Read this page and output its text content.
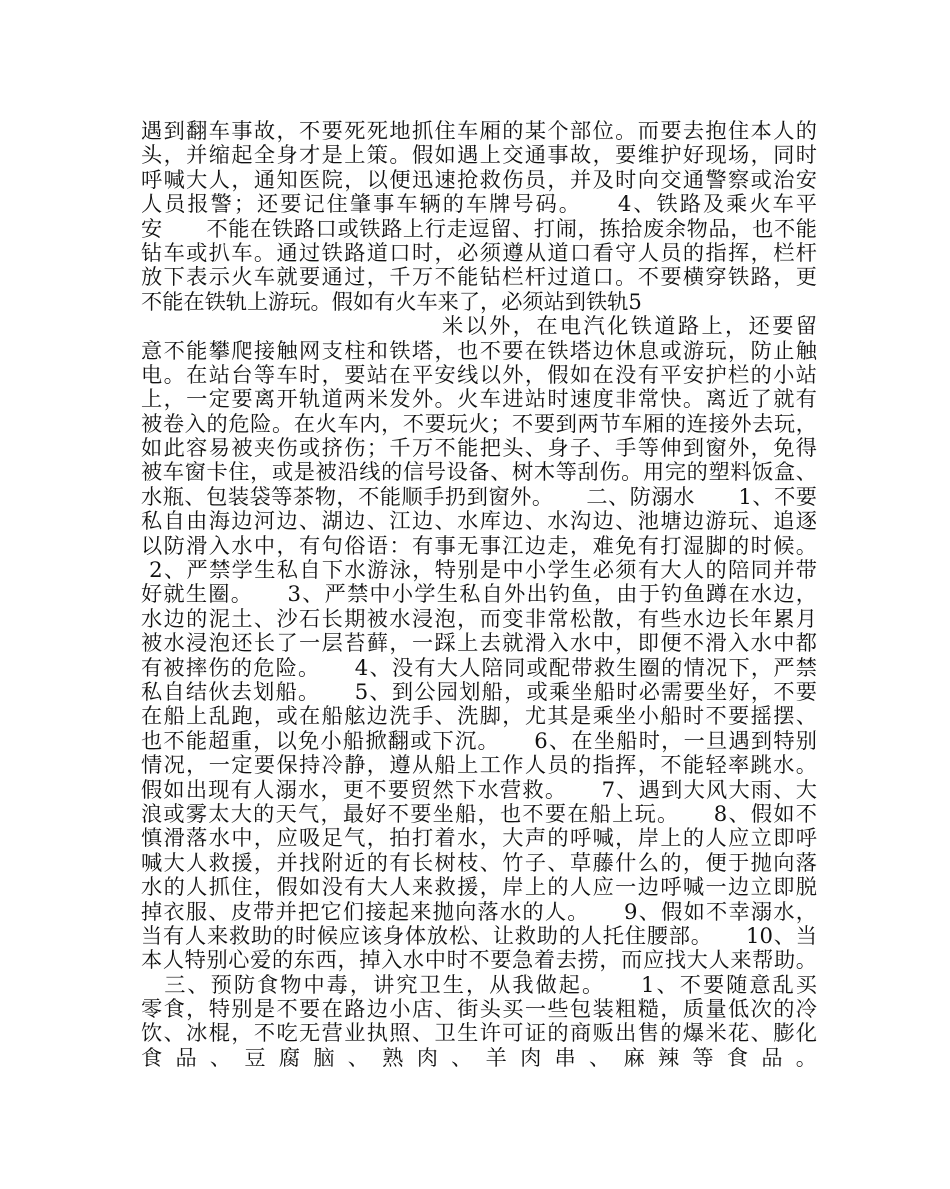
遇到翻车事故，不要死死地抓住车厢的某个部位。而要去抱住本人的
头，并缩起全身才是上策。假如遇上交通事故，要维护好现场，同时
呼喊大人，通知医院，以便迅速抢救伤员，并及时向交通警察或治安
人员报警；还要记住肇事车辆的车牌号码。　　4、铁路及乘火车平
安　　不能在铁路口或铁路上行走逗留、打闹，拣拾废余物品，也不能
钻车或扒车。通过铁路道口时，必须遵从道口看守人员的指挥，栏杆
放下表示火车就要通过，千万不能钻栏杆过道口。不要横穿铁路，更
不能在铁轨上游玩。假如有火车来了，必须站到铁轨5
米以外，在电汽化铁道路上，还要留
意不能攀爬接触网支柱和铁塔，也不要在铁塔边休息或游玩，防止触
电。在站台等车时，要站在平安线以外，假如在没有平安护栏的小站
上，一定要离开轨道两米发外。火车进站时速度非常快。离近了就有
被卷入的危险。在火车内，不要玩火；不要到两节车厢的连接外去玩，
如此容易被夹伤或挤伤；千万不能把头、身子、手等伸到窗外，免得
被车窗卡住，或是被沿线的信号设备、树木等刮伤。用完的塑料饭盒、
水瓶、包装袋等茶物，不能顺手扔到窗外。　　二、防溺水　　1、不要
私自由海边河边、湖边、江边、水库边、水沟边、池塘边游玩、追逐
以防滑入水中，有句俗语：有事无事江边走，难免有打湿脚的时候。
2、严禁学生私自下水游泳，特别是中小学生必须有大人的陪同并带
好就生圈。　　3、严禁中小学生私自外出钓鱼，由于钓鱼蹲在水边，
水边的泥土、沙石长期被水浸泡，而变非常松散，有些水边长年累月
被水浸泡还长了一层苔藓，一踩上去就滑入水中，即便不滑入水中都
有被摔伤的危险。　　4、没有大人陪同或配带救生圈的情况下，严禁
私自结伙去划船。　　5、到公园划船，或乘坐船时必需要坐好，不要
在船上乱跑，或在船舷边洗手、洗脚，尤其是乘坐小船时不要摇摆、
也不能超重，以免小船掀翻或下沉。　　6、在坐船时，一旦遇到特别
情况，一定要保持冷静，遵从船上工作人员的指挥，不能轻率跳水。
假如出现有人溺水，更不要贸然下水营救。　　7、遇到大风大雨、大
浪或雾太大的天气，最好不要坐船，也不要在船上玩。　　8、假如不
慎滑落水中，应吸足气，拍打着水，大声的呼喊，岸上的人应立即呼
喊大人救援，并找附近的有长树枝、竹子、草藤什么的，便于抛向落
水的人抓住，假如没有大人来救援，岸上的人应一边呼喊一边立即脱
掉衣服、皮带并把它们接起来抛向落水的人。　　9、假如不幸溺水，
当有人来救助的时候应该身体放松、让救助的人托住腰部。　　10、当
本人特别心爱的东西，掉入水中时不要急着去捞，而应找大人来帮助。
　三、预防食物中毒，讲究卫生，从我做起。　　1、不要随意乱买
零食，特别是不要在路边小店、街头买一些包装粗糙，质量低次的冷
饮、冰棍，不吃无营业执照、卫生许可证的商贩出售的爆米花、膨化
食品、豆腐脑、熟肉、羊肉串、麻辣等食品。
